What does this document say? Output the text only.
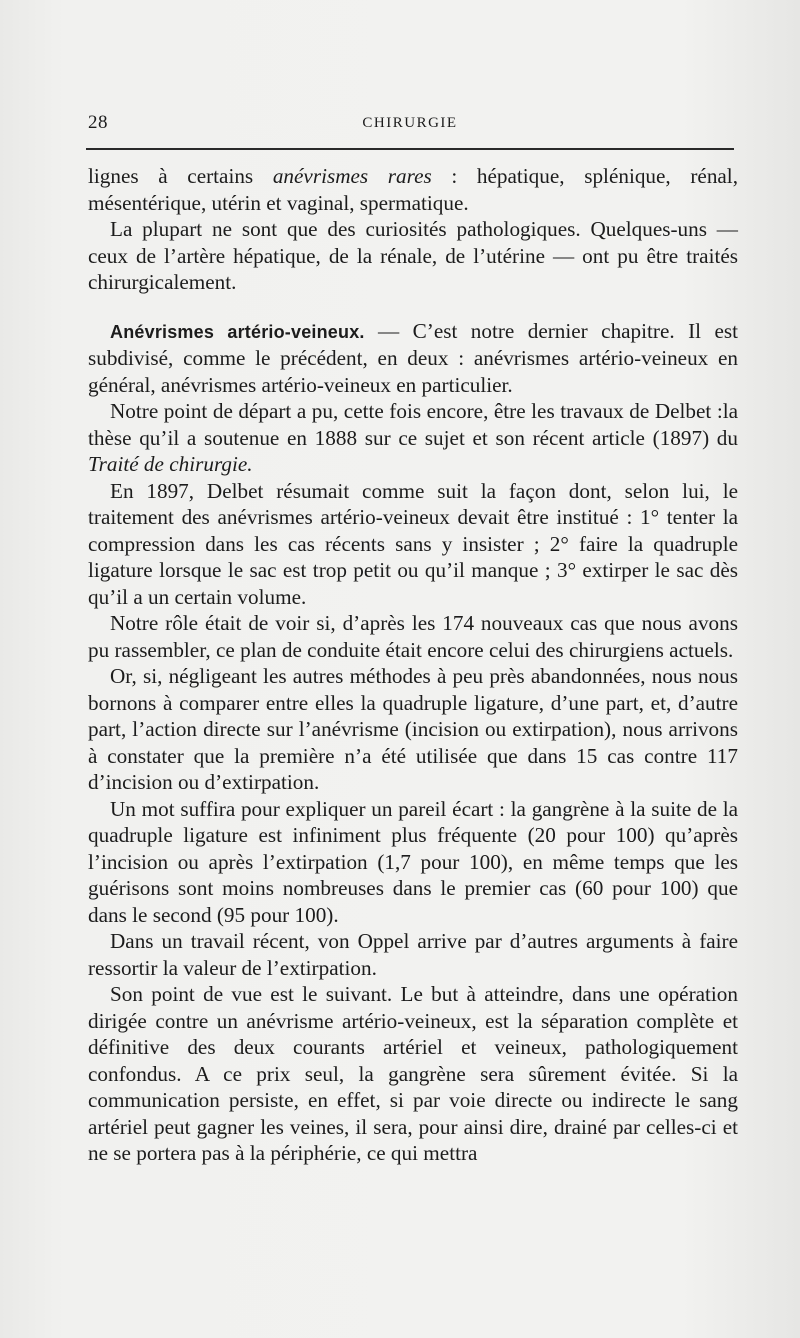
28	CHIRURGIE

lignes à certains anévrismes rares : hépatique, splénique, rénal, mésentérique, utérin et vaginal, spermatique.

La plupart ne sont que des curiosités pathologiques. Quelques-uns — ceux de l’artère hépatique, de la rénale, de l’utérine — ont pu être traités chirurgicalement.

Anévrismes artério-veineux. — C’est notre dernier chapitre. Il est subdivisé, comme le précédent, en deux : anévrismes artério-veineux en général, anévrismes artério-veineux en particulier.

Notre point de départ a pu, cette fois encore, être les travaux de Delbet :la thèse qu’il a soutenue en 1888 sur ce sujet et son récent article (1897) du Traité de chirurgie.

En 1897, Delbet résumait comme suit la façon dont, selon lui, le traitement des anévrismes artério-veineux devait être institué : 1° tenter la compression dans les cas récents sans y insister ; 2° faire la quadruple ligature lorsque le sac est trop petit ou qu’il manque ; 3° extirper le sac dès qu’il a un certain volume.

Notre rôle était de voir si, d’après les 174 nouveaux cas que nous avons pu rassembler, ce plan de conduite était encore celui des chirurgiens actuels.

Or, si, négligeant les autres méthodes à peu près abandonnées, nous nous bornons à comparer entre elles la quadruple ligature, d’une part, et, d’autre part, l’action directe sur l’anévrisme (incision ou extirpation), nous arrivons à constater que la première n’a été utilisée que dans 15 cas contre 117 d’incision ou d’extirpation.

Un mot suffira pour expliquer un pareil écart : la gangrène à la suite de la quadruple ligature est infiniment plus fréquente (20 pour 100) qu’après l’incision ou après l’extirpation (1,7 pour 100), en même temps que les guérisons sont moins nombreuses dans le premier cas (60 pour 100) que dans le second (95 pour 100).

Dans un travail récent, von Oppel arrive par d’autres arguments à faire ressortir la valeur de l’extirpation.

Son point de vue est le suivant. Le but à atteindre, dans une opération dirigée contre un anévrisme artério-veineux, est la séparation complète et définitive des deux courants artériel et veineux, pathologiquement confondus. A ce prix seul, la gangrène sera sûrement évitée. Si la communication persiste, en effet, si par voie directe ou indirecte le sang artériel peut gagner les veines, il sera, pour ainsi dire, drainé par celles-ci et ne se portera pas à la périphérie, ce qui mettra
